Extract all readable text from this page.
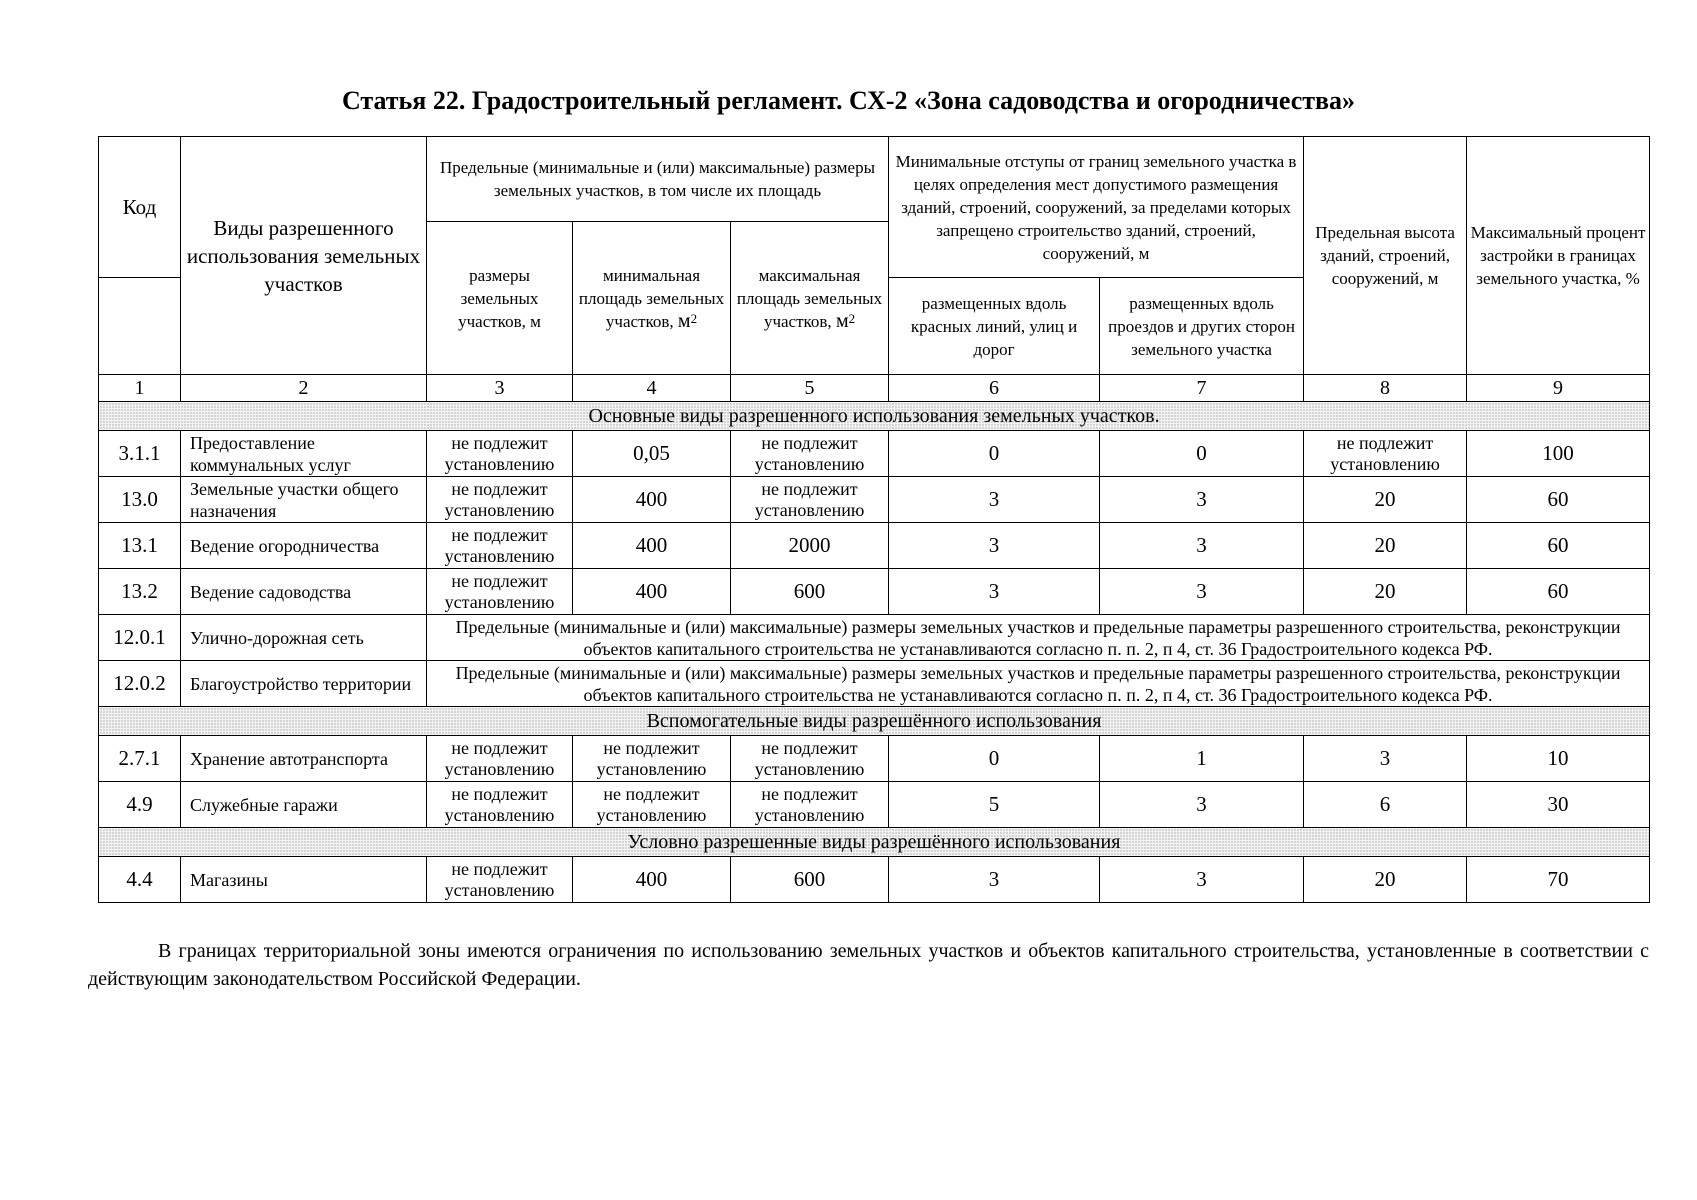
Статья 22. Градостроительный регламент. СХ-2 «Зона садоводства и огородничества»
Код	Виды разрешенного использования земельных участков	Предельные (минимальные и (или) максимальные) размеры земельных участков, в том числе их площадь			Минимальные отступы от границ земельного участка в целях определения мест допустимого размещения зданий, строений, сооружений, за пределами которых запрещено строительство зданий, строений, сооружений, м		Предельная высота зданий, строений, сооружений, м	Максимальный процент застройки в границах земельного участка, %
		размеры земельных участков, м	минимальная площадь земельных участков, $м^2$	максимальная площадь земельных участков, $м^2$
					размещенных вдоль красных линий, улиц и дорог	размещенных вдоль проездов и других сторон земельного участка		
1	2	3	4	5	6	7	8	9
Основные виды разрешенного использования земельных участков.								
3.1.1	Предоставление коммунальных услуг	не подлежит установлению	0,05	не подлежит установлению	0	0	не подлежит установлению	100
13.0	Земельные участки общего назначения	не подлежит установлению	400	не подлежит установлению	3	3	20	60
13.1	Ведение огородничества	не подлежит установлению	400	2000	3	3	20	60
13.2	Ведение садоводства	не подлежит установлению	400	600	3	3	20	60
12.0.1	Улично-дорожная сеть	Предельные (минимальные и (или) максимальные) размеры земельных участков и предельные параметры разрешенного строительства, реконструкции объектов капитального строительства не устанавливаются согласно п. п. 2, п 4, ст. 36 Градостроительного кодекса РФ.						
12.0.2	Благоустройство территории	Предельные (минимальные и (или) максимальные) размеры земельных участков и предельные параметры разрешенного строительства, реконструкции объектов капитального строительства не устанавливаются согласно п. п. 2, п 4, ст. 36 Градостроительного кодекса РФ.						
Вспомогательные виды разрешённого использования								
2.7.1	Хранение автотранспорта	не подлежит установлению	не подлежит установлению	не подлежит установлению	0	1	3	10
4.9	Служебные гаражи	не подлежит установлению	не подлежит установлению	не подлежит установлению	5	3	6	30
Условно разрешенные виды разрешённого использования								
4.4	Магазины	не подлежит установлению	400	600	3	3	20	70

В границах территориальной зоны имеются ограничения по использованию земельных участков и объектов капитального строительства, установленные в соответствии с действующим законодательством Российской Федерации.
